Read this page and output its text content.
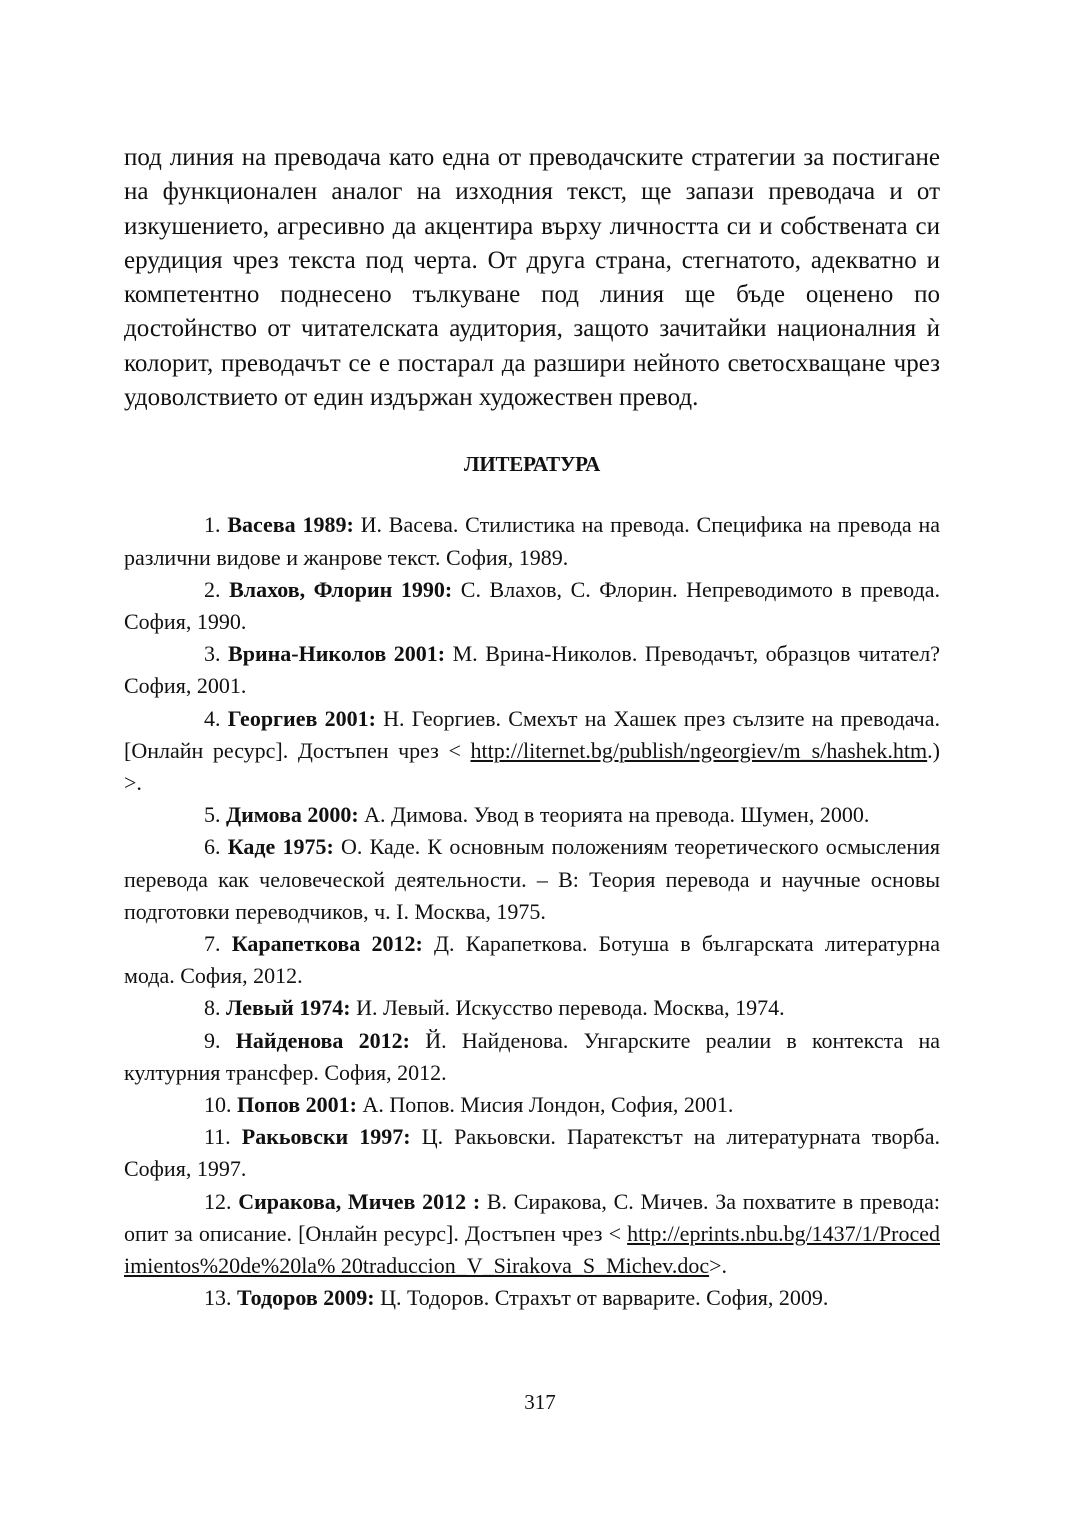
под линия на преводача като една от преводачските стратегии за постигане на функционален аналог на изходния текст, ще запази преводача и от изкушението, агресивно да акцентира върху личността си и собствената си ерудиция чрез текста под черта. От друга страна, стегнатото, адекватно и компетентно поднесено тълкуване под линия ще бъде оценено по достойнство от читателската аудитория, защото зачитайки националния ѝ колорит, преводачът се е постарал да разшири нейното светосхващане чрез удоволствието от един издържан художествен превод.

ЛИТЕРАТУРА

1. Васева 1989: И. Васева. Стилистика на превода. Специфика на превода на различни видове и жанрове текст. София, 1989.

2. Влахов, Флорин 1990: С. Влахов, С. Флорин. Непреводимото в превода. София, 1990.

3. Врина-Николов 2001: М. Врина-Николов. Преводачът, образцов читател? София, 2001.

4. Георгиев 2001: Н. Георгиев. Смехът на Хашек през сълзите на преводача. [Онлайн ресурс]. Достъпен чрез < http://liternet.bg/publish/ngeorgiev/m_s/hashek.htm.) >.

5. Димова 2000: А. Димова. Увод в теорията на превода. Шумен, 2000.

6. Каде 1975: О. Каде. К основным положениям теоретического осмысления перевода как человеческой деятельности. – В: Теория перевода и научные основы подготовки переводчиков, ч. I. Москва, 1975.

7. Карапеткова 2012: Д. Карапеткова. Ботуша в българската литературна мода. София, 2012.

8. Левый 1974: И. Левый. Искусство перевода. Москва, 1974.

9. Найденова 2012: Й. Найденова. Унгарските реалии в контекста на културния трансфер. София, 2012.

10. Попов 2001: А. Попов. Мисия Лондон, София, 2001.

11. Ракьовски 1997: Ц. Ракьовски. Паратекстът на литературната творба. София, 1997.

12. Сиракова, Мичев 2012 : В. Сиракова, С. Мичев. За похватите в превода: опит за описание. [Онлайн ресурс]. Достъпен чрез < http://eprints.nbu.bg/1437/1/Procedimientos%20de%20la% 20traduccion_V_Sirakova_S_Michev.doc>.

13. Тодоров 2009: Ц. Тодоров. Страхът от варварите. София, 2009.

317
